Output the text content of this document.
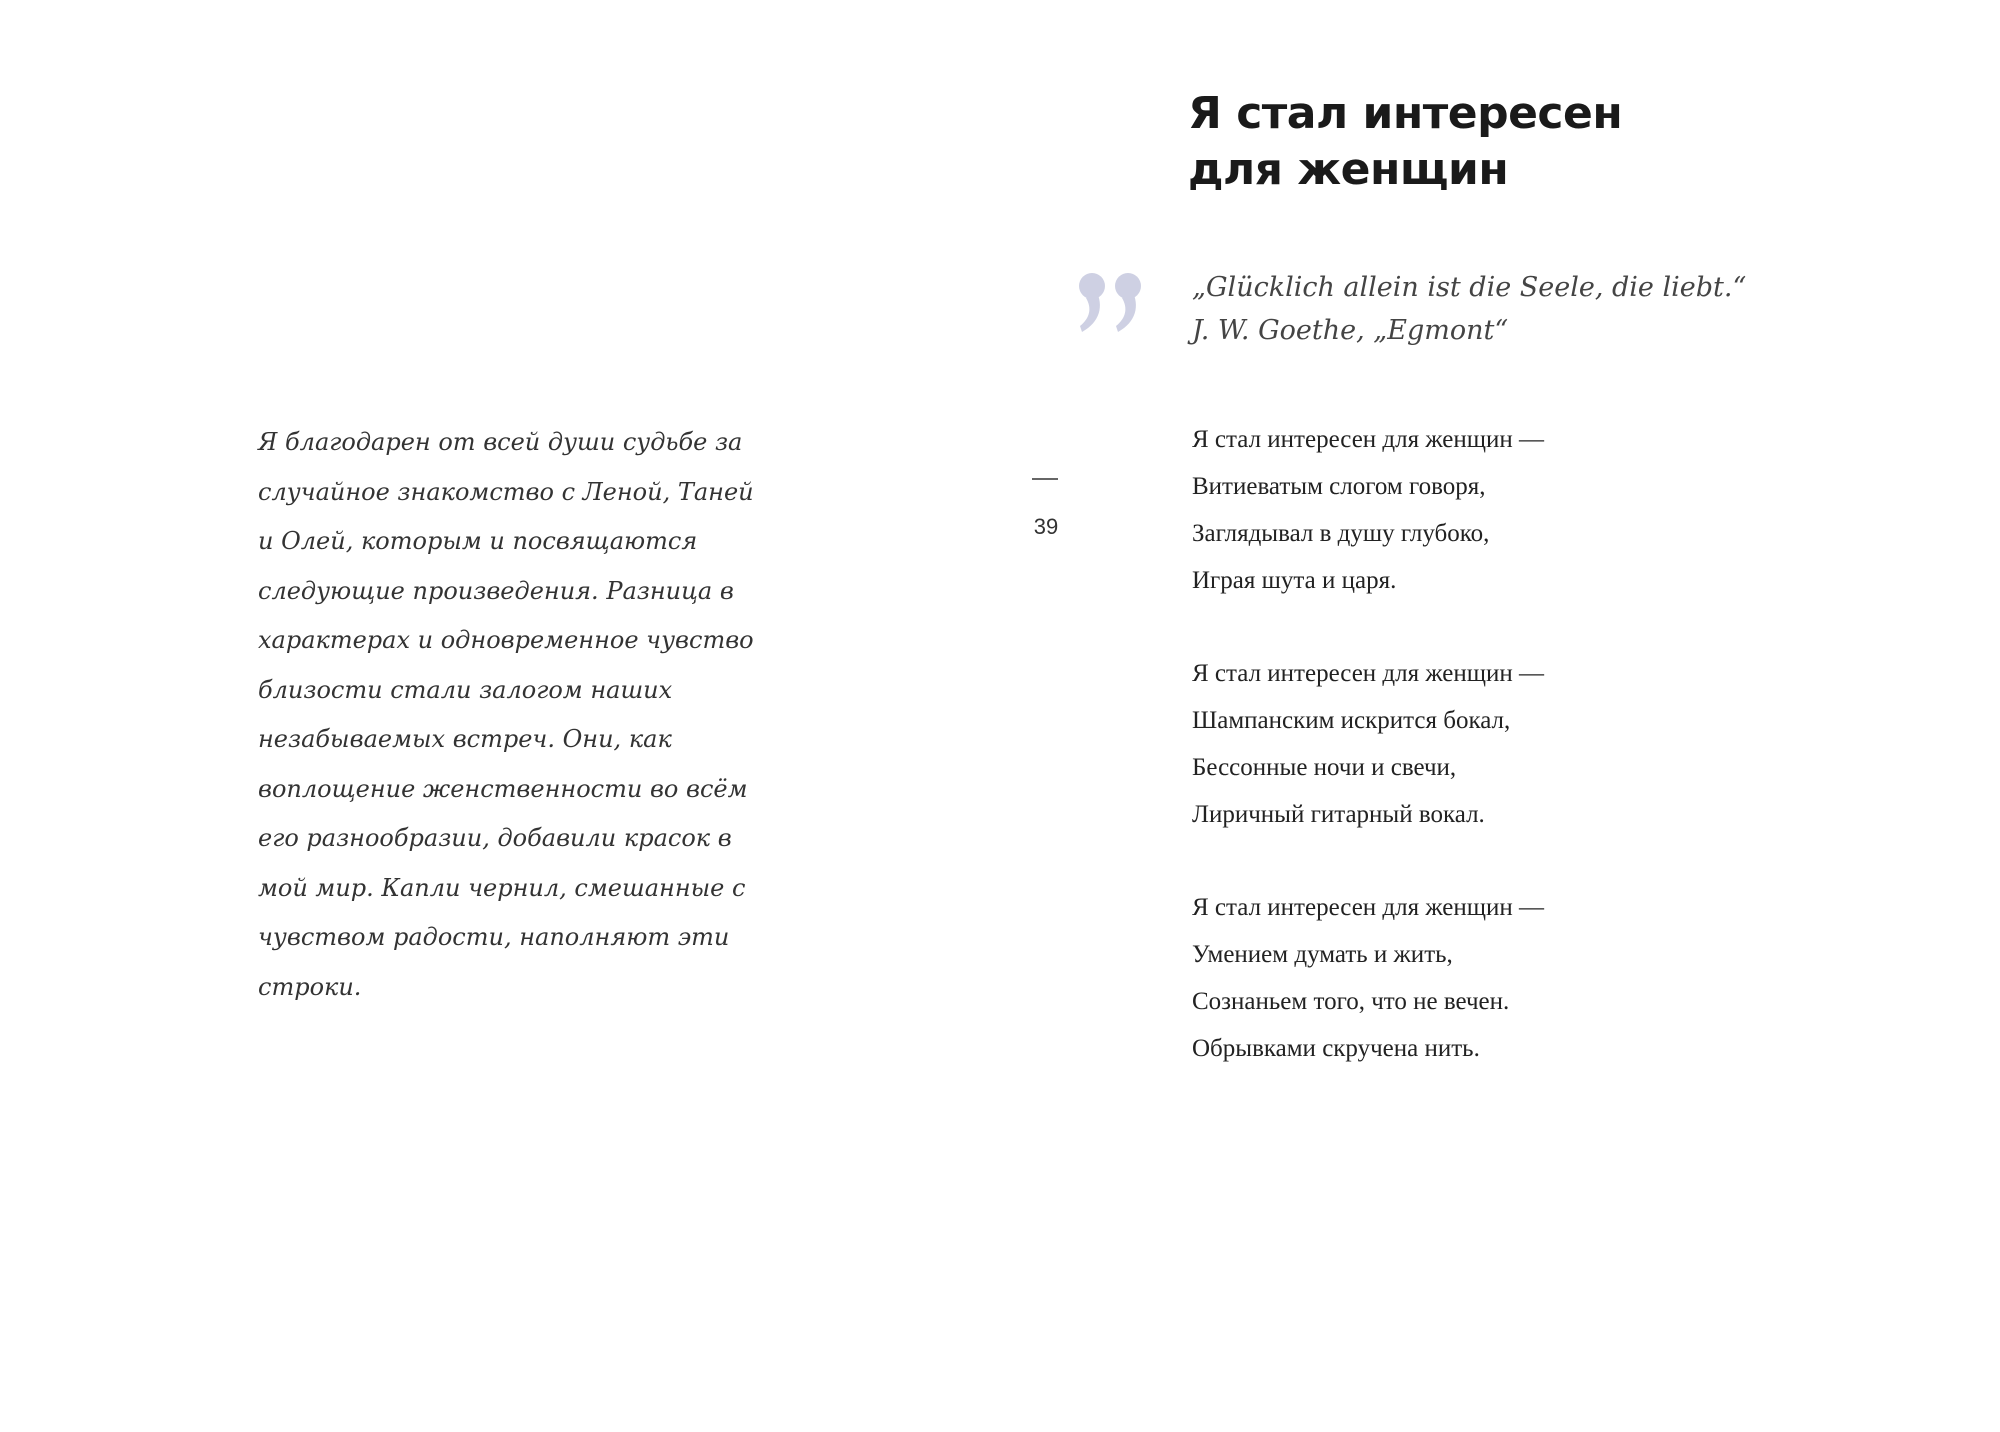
Я благодарен от всей души судьбе за
случайное знакомство с Леной, Таней
и Олей, которым и посвящаются
следующие произведения. Разница в
характерах и одновременное чувство
близости стали залогом наших
незабываемых встреч. Они, как
воплощение женственности во всём
его разнообразии, добавили красок в
мой мир. Капли чернил, смешанные с
чувством радости, наполняют эти
строки.
39
Я стал интересен
для женщин
„Glücklich allein ist die Seele, die liebt.“
J. W. Goethe, „Egmont“
Я стал интересен для женщин —
Витиеватым слогом говоря,
Заглядывал в душу глубоко,
Играя шута и царя.
Я стал интересен для женщин —
Шампанским искрится бокал,
Бессонные ночи и свечи,
Лиричный гитарный вокал.
Я стал интересен для женщин —
Умением думать и жить,
Сознаньем того, что не вечен.
Обрывками скручена нить.
